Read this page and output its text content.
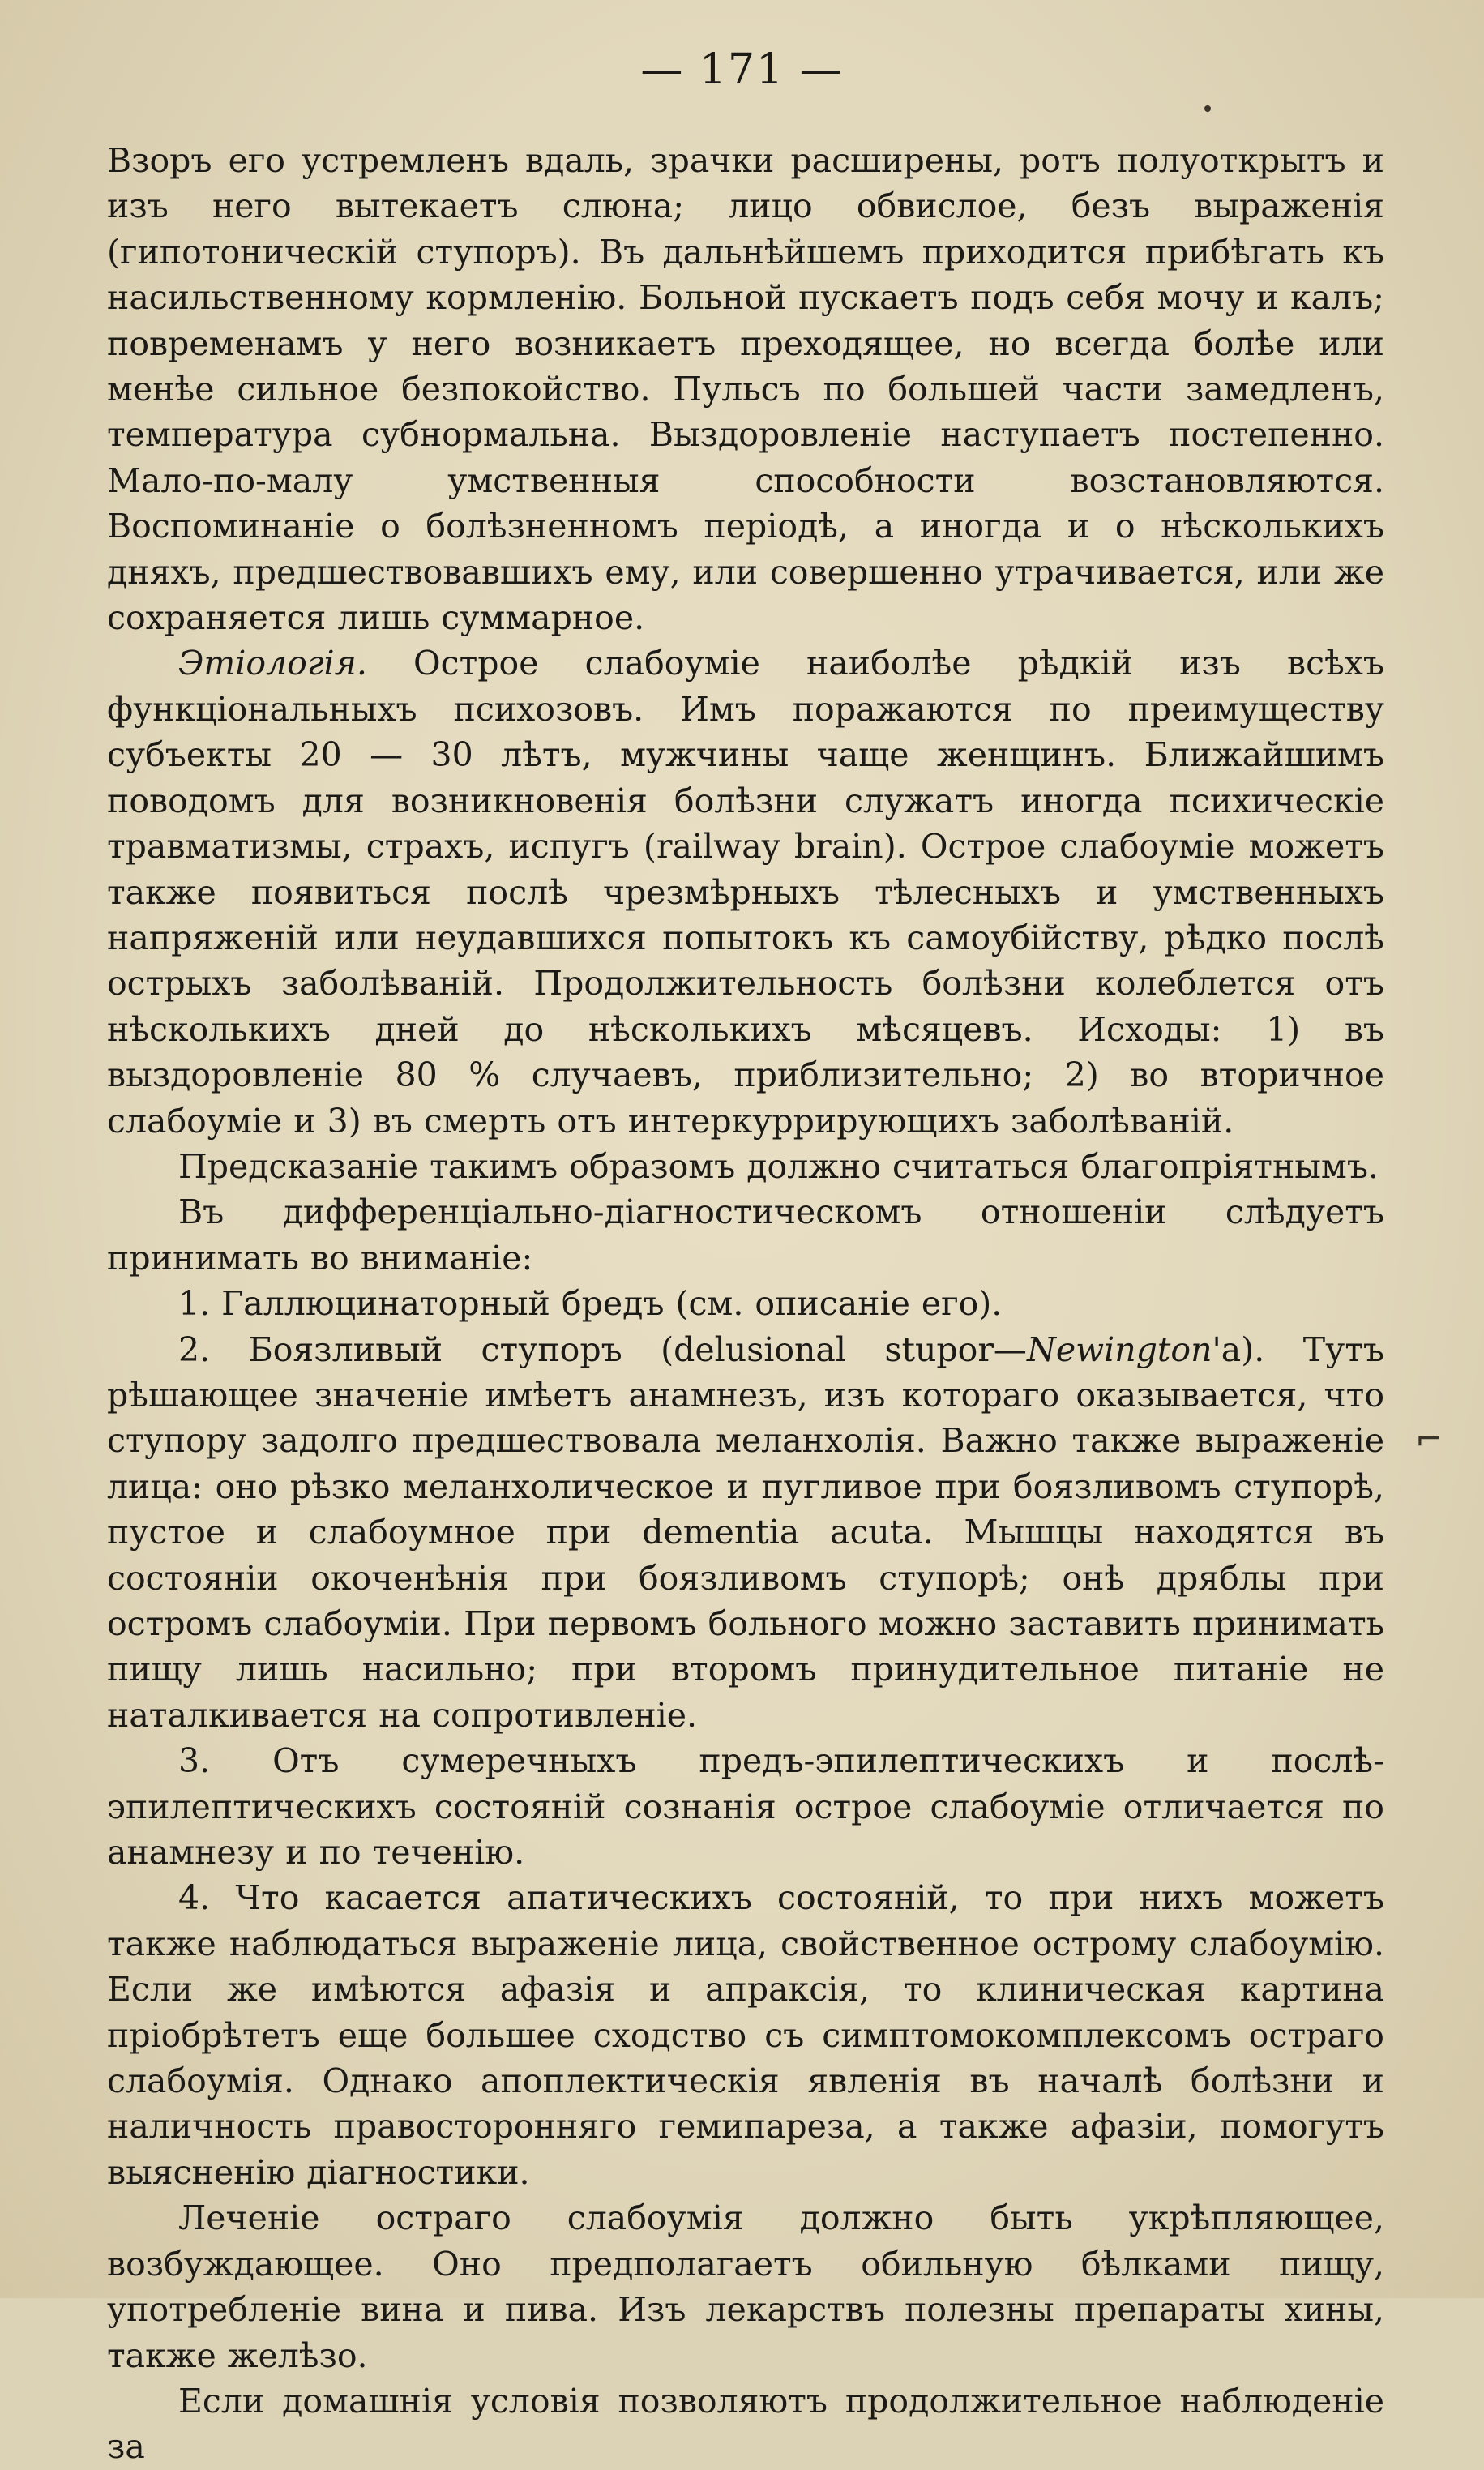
— 171 —
⌐

Взоръ его устремленъ вдаль, зрачки расширены, ротъ полуоткрытъ и изъ него вытекаетъ слюна; лицо обвислое, безъ выраженія (гипотоническій ступоръ). Въ дальнѣйшемъ приходится прибѣгать къ насильственному кормленію. Больной пускаетъ подъ себя мочу и калъ; повременамъ у него возникаетъ преходящее, но всегда болѣе или менѣе сильное безпокойство. Пульсъ по большей части замедленъ, температура субнормальна. Выздоровленіе наступаетъ постепенно. Мало-по-малу умственныя способности возстановляются. Воспоминаніе о болѣзненномъ періодѣ, а иногда и о нѣсколькихъ дняхъ, предшествовавшихъ ему, или совершенно утрачивается, или же сохраняется лишь суммарное.

Этіологія. Острое слабоуміе наиболѣе рѣдкій изъ всѣхъ функціональныхъ психозовъ. Имъ поражаются по преимуществу субъекты 20 — 30 лѣтъ, мужчины чаще женщинъ. Ближайшимъ поводомъ для возникновенія болѣзни служатъ иногда психическіе травматизмы, страхъ, испугъ (railway brain). Острое слабоуміе можетъ также появиться послѣ чрезмѣрныхъ тѣлесныхъ и умственныхъ напряженій или неудавшихся попытокъ къ самоубійству, рѣдко послѣ острыхъ заболѣваній. Продолжительность болѣзни колеблется отъ нѣсколькихъ дней до нѣсколькихъ мѣсяцевъ. Исходы: 1) въ выздоровленіе 80 % случаевъ, приблизительно; 2) во вторичное слабоуміе и 3) въ смерть отъ интеркуррирующихъ заболѣваній.

Предсказаніе такимъ образомъ должно считаться благопріятнымъ.

Въ дифференціально-діагностическомъ отношеніи слѣдуетъ принимать во вниманіе:

1. Галлюцинаторный бредъ (см. описаніе его).

2. Боязливый ступоръ (delusional stupor—Newington'а). Тутъ рѣшающее значеніе имѣетъ анамнезъ, изъ котораго оказывается, что ступору задолго предшествовала меланхолія. Важно также выраженіе лица: оно рѣзко меланхолическое и пугливое при боязливомъ ступорѣ, пустое и слабоумное при dementia acuta. Мышцы находятся въ состояніи окоченѣнія при боязливомъ ступорѣ; онѣ дряблы при остромъ слабоуміи. При первомъ больного можно заставить принимать пищу лишь насильно; при второмъ принудительное питаніе не наталкивается на сопротивленіе.

3. Отъ сумеречныхъ предъ-эпилептическихъ и послѣ-эпилептическихъ состояній сознанія острое слабоуміе отличается по анамнезу и по теченію.

4. Что касается апатическихъ состояній, то при нихъ можетъ также наблюдаться выраженіе лица, свойственное острому слабоумію. Если же имѣются афазія и апраксія, то клиническая картина пріобрѣтетъ еще большее сходство съ симптомокомплексомъ остраго слабоумія. Однако апоплектическія явленія въ началѣ болѣзни и наличность правосторонняго гемипареза, а также афазіи, помогутъ выясненію діагностики.

Леченіе остраго слабоумія должно быть укрѣпляющее, возбуждающее. Оно предполагаетъ обильную бѣлками пищу, употребленіе вина и пива. Изъ лекарствъ полезны препараты хины, также желѣзо.

Если домашнія условія позволяютъ продолжительное наблюденіе за
